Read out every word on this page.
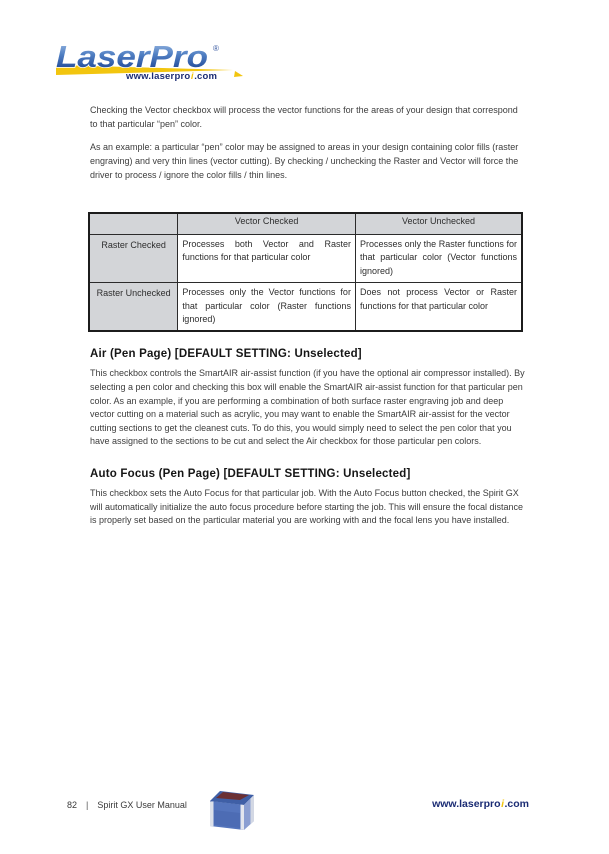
LaserPro ®
www.laserproi.com

Checking the Vector checkbox will process the vector functions for the areas of your design that correspond to that particular “pen” color.

As an example: a particular “pen” color may be assigned to areas in your design containing color fills (raster engraving) and very thin lines (vector cutting). By checking / unchecking the Raster and Vector will force the driver to process / ignore the color fills / thin lines.

	Vector Checked	Vector Unchecked
Raster Checked	Processes both Vector and Raster functions for that particular color	Processes only the Raster functions for that particular color (Vector functions ignored)
Raster Unchecked	Processes only the Vector functions for that particular color (Raster functions ignored)	Does not process Vector or Raster functions for that particular color
Air (Pen Page) [DEFAULT SETTING: Unselected]

This checkbox controls the SmartAIR air-assist function (if you have the optional air compressor installed). By selecting a pen color and checking this box will enable the SmartAIR air-assist function for that particular pen color. As an example, if you are performing a combination of both surface raster engraving job and deep vector cutting on a material such as acrylic, you may want to enable the SmartAIR air-assist for the vector cutting sections to get the cleanest cuts. To do this, you would simply need to select the pen color that you have assigned to the sections to be cut and select the Air checkbox for those particular pen colors.

Auto Focus (Pen Page) [DEFAULT SETTING: Unselected]

This checkbox sets the Auto Focus for that particular job. With the Auto Focus button checked, the Spirit GX will automatically initialize the auto focus procedure before starting the job. This will ensure the focal distance is properly set based on the particular material you are working with and the focal lens you have installed.

82 | Spirit GX User Manual	www.laserproi.com
